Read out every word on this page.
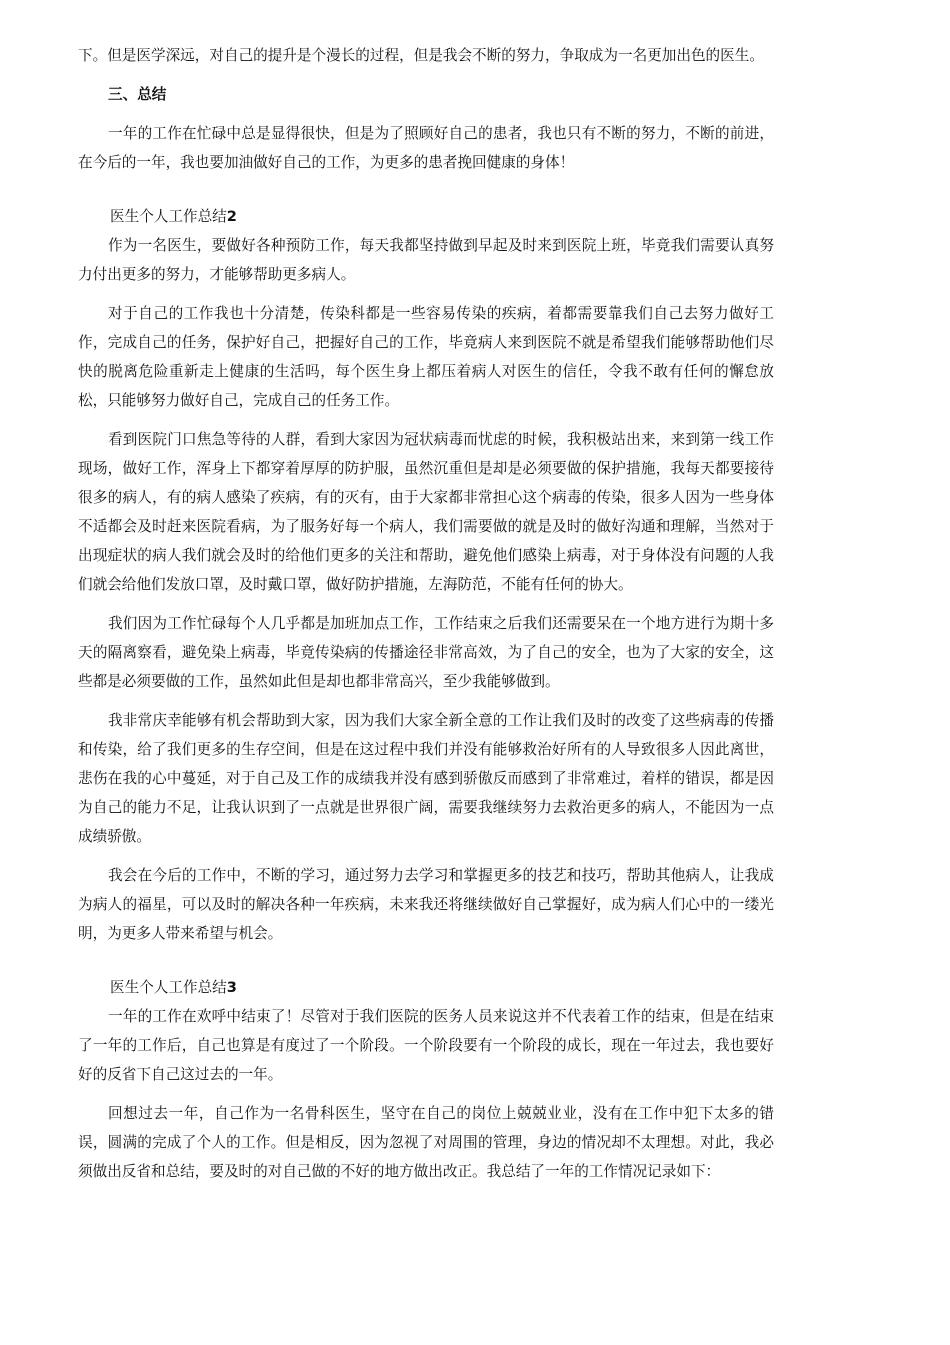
下。但是医学深远，对自己的提升是个漫长的过程，但是我会不断的努力，争取成为一名更加出色的医生。

三、总结

一年的工作在忙碌中总是显得很快，但是为了照顾好自己的患者，我也只有不断的努力，不断的前进，在今后的一年，我也要加油做好自己的工作，为更多的患者挽回健康的身体！

医生个人工作总结2

作为一名医生，要做好各种预防工作，每天我都坚持做到早起及时来到医院上班，毕竟我们需要认真努力付出更多的努力，才能够帮助更多病人。

对于自己的工作我也十分清楚，传染科都是一些容易传染的疾病，着都需要靠我们自己去努力做好工作，完成自己的任务，保护好自己，把握好自己的工作，毕竟病人来到医院不就是希望我们能够帮助他们尽快的脱离危险重新走上健康的生活吗，每个医生身上都压着病人对医生的信任，令我不敢有任何的懈怠放松，只能够努力做好自己，完成自己的任务工作。

看到医院门口焦急等待的人群，看到大家因为冠状病毒而忧虑的时候，我积极站出来，来到第一线工作现场，做好工作，浑身上下都穿着厚厚的防护服，虽然沉重但是却是必须要做的保护措施，我每天都要接待很多的病人，有的病人感染了疾病，有的灭有，由于大家都非常担心这个病毒的传染，很多人因为一些身体不适都会及时赶来医院看病，为了服务好每一个病人，我们需要做的就是及时的做好沟通和理解，当然对于出现症状的病人我们就会及时的给他们更多的关注和帮助，避免他们感染上病毒，对于身体没有问题的人我们就会给他们发放口罩，及时戴口罩，做好防护措施，左海防范，不能有任何的协大。

我们因为工作忙碌每个人几乎都是加班加点工作，工作结束之后我们还需要呆在一个地方进行为期十多天的隔离察看，避免染上病毒，毕竟传染病的传播途径非常高效，为了自己的安全，也为了大家的安全，这些都是必须要做的工作，虽然如此但是却也都非常高兴，至少我能够做到。

我非常庆幸能够有机会帮助到大家，因为我们大家全新全意的工作让我们及时的改变了这些病毒的传播和传染，给了我们更多的生存空间，但是在这过程中我们并没有能够救治好所有的人导致很多人因此离世，悲伤在我的心中蔓延，对于自己及工作的成绩我并没有感到骄傲反而感到了非常难过，着样的错误，都是因为自己的能力不足，让我认识到了一点就是世界很广阔，需要我继续努力去救治更多的病人，不能因为一点成绩骄傲。

我会在今后的工作中，不断的学习，通过努力去学习和掌握更多的技艺和技巧，帮助其他病人，让我成为病人的福星，可以及时的解决各种一年疾病，未来我还将继续做好自己掌握好，成为病人们心中的一缕光明，为更多人带来希望与机会。

医生个人工作总结3

一年的工作在欢呼中结束了！尽管对于我们医院的医务人员来说这并不代表着工作的结束，但是在结束了一年的工作后，自己也算是有度过了一个阶段。一个阶段要有一个阶段的成长，现在一年过去，我也要好好的反省下自己这过去的一年。

回想过去一年，自己作为一名骨科医生，坚守在自己的岗位上兢兢业业，没有在工作中犯下太多的错误，圆满的完成了个人的工作。但是相反，因为忽视了对周围的管理，身边的情况却不太理想。对此，我必须做出反省和总结，要及时的对自己做的不好的地方做出改正。我总结了一年的工作情况记录如下：
